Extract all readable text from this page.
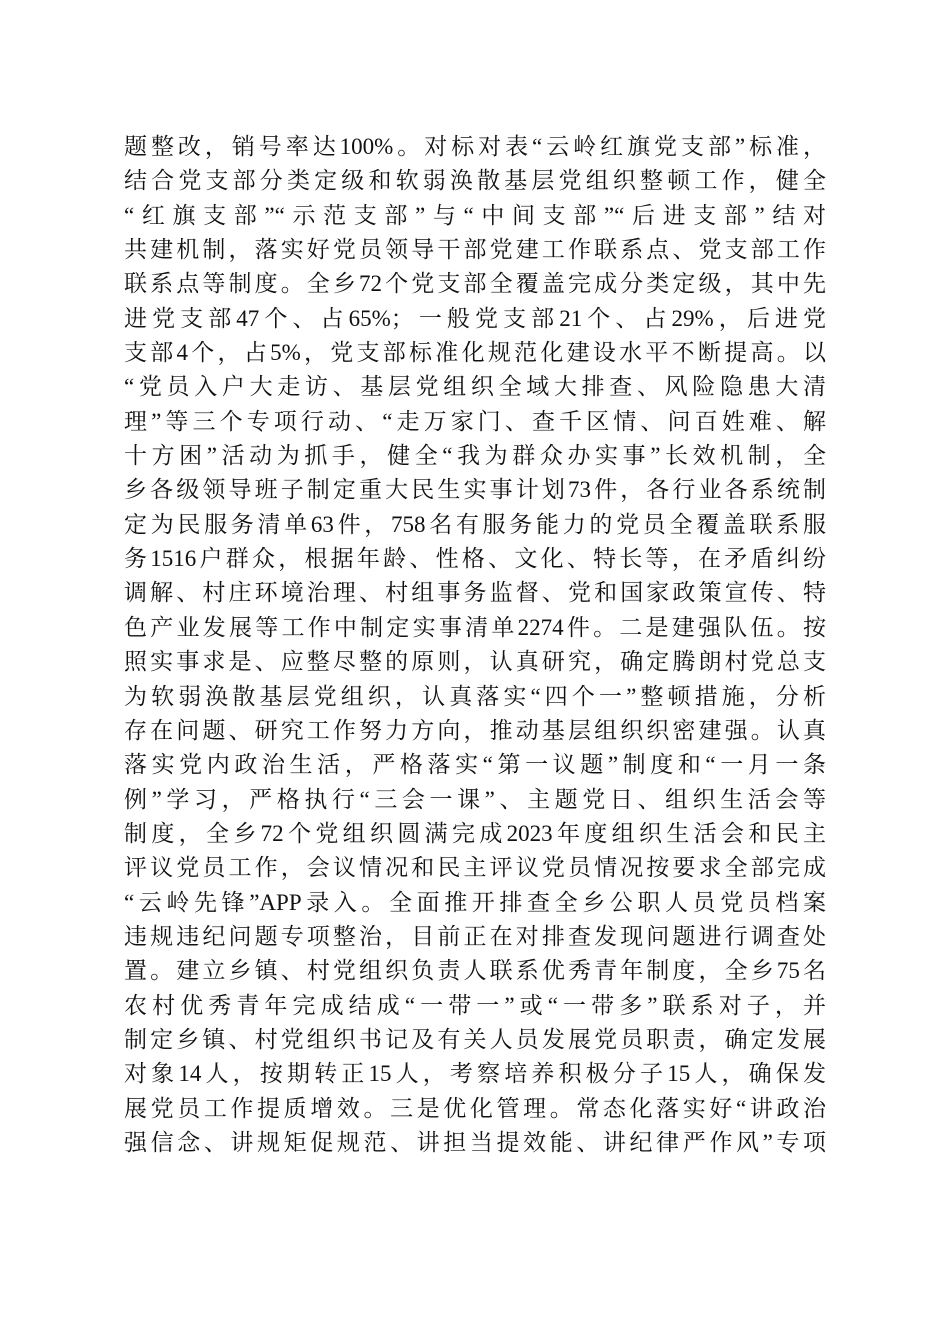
题整改，销号率达100%。对标对表“云岭红旗党支部”标准，
结合党支部分类定级和软弱涣散基层党组织整顿工作，健全
“红旗支部”“示范支部”与“中间支部”“后进支部”结对
共建机制，落实好党员领导干部党建工作联系点、党支部工作
联系点等制度。全乡72个党支部全覆盖完成分类定级，其中先
进党支部47个、占65%；一般党支部21个、占29%，后进党
支部4个，占5%，党支部标准化规范化建设水平不断提高。以
“党员入户大走访、基层党组织全域大排查、风险隐患大清
理”等三个专项行动、“走万家门、查千区情、问百姓难、解
十方困”活动为抓手，健全“我为群众办实事”长效机制，全
乡各级领导班子制定重大民生实事计划73件，各行业各系统制
定为民服务清单63件，758名有服务能力的党员全覆盖联系服
务1516户群众，根据年龄、性格、文化、特长等，在矛盾纠纷
调解、村庄环境治理、村组事务监督、党和国家政策宣传、特
色产业发展等工作中制定实事清单2274件。二是建强队伍。按
照实事求是、应整尽整的原则，认真研究，确定腾朗村党总支
为软弱涣散基层党组织，认真落实“四个一”整顿措施，分析
存在问题、研究工作努力方向，推动基层组织织密建强。认真
落实党内政治生活，严格落实“第一议题”制度和“一月一条
例”学习，严格执行“三会一课”、主题党日、组织生活会等
制度，全乡72个党组织圆满完成2023年度组织生活会和民主
评议党员工作，会议情况和民主评议党员情况按要求全部完成
“云岭先锋”APP录入。全面推开排查全乡公职人员党员档案
违规违纪问题专项整治，目前正在对排查发现问题进行调查处
置。建立乡镇、村党组织负责人联系优秀青年制度，全乡75名
农村优秀青年完成结成“一带一”或“一带多”联系对子，并
制定乡镇、村党组织书记及有关人员发展党员职责，确定发展
对象14人，按期转正15人，考察培养积极分子15人，确保发
展党员工作提质增效。三是优化管理。常态化落实好“讲政治
强信念、讲规矩促规范、讲担当提效能、讲纪律严作风”专项
